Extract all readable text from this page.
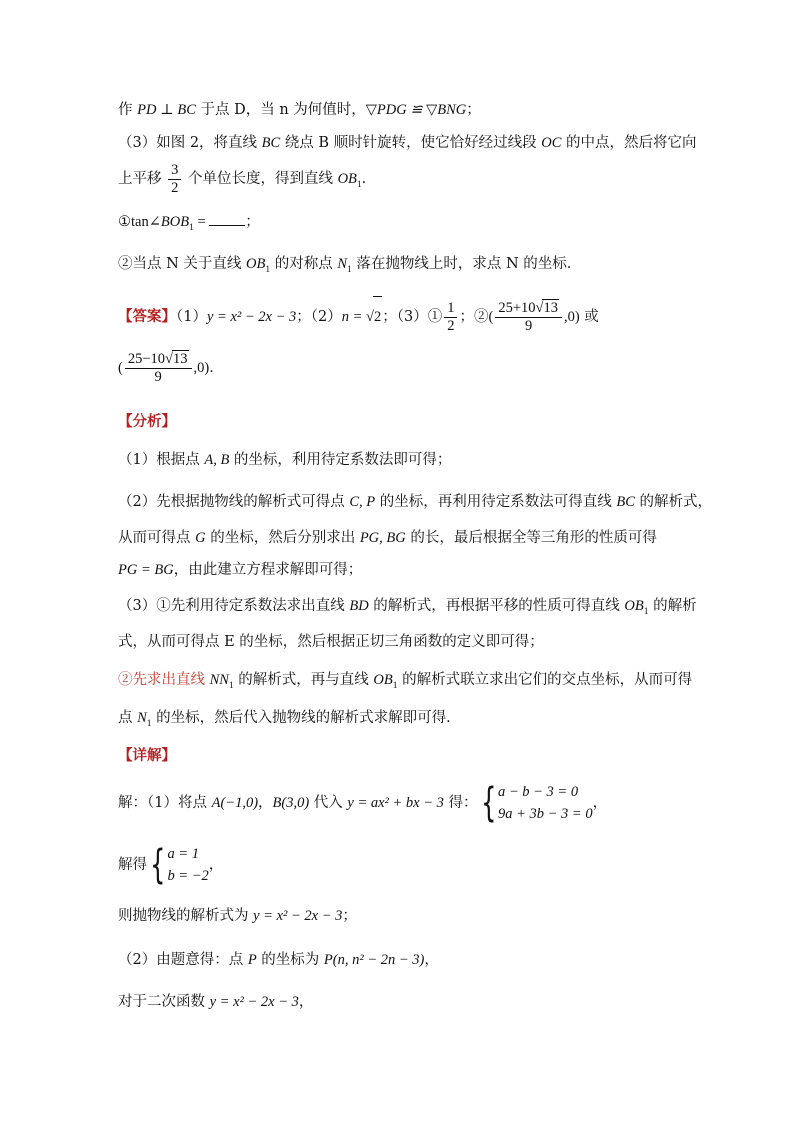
作 PD ⊥ BC 于点 D，当 n 为何值时，▽PDG ≌ ▽BNG；
（3）如图 2，将直线 BC 绕点 B 顺时针旋转，使它恰好经过线段 OC 的中点，然后将它向
上平移 $\frac{3}{2}$ 个单位长度，得到直线 $OB_1$.
$①\tan\angle BOB_1$ = ；
②当点 N 关于直线 $OB_1$ 的对称点 $N_1$ 落在抛物线上时，求点 N 的坐标．
【答案】（1）y = x² − 2x − 3；（2）n = √2；（3）① $\frac{1}{2}$ ；②( $\frac{25+10√13}{9} ,0$) 或
( $\frac{25-10√13}{9} ,0$)．
【分析】
（1）根据点 A, B 的坐标，利用待定系数法即可得；
（2）先根据抛物线的解析式可得点 C, P 的坐标，再利用待定系数法可得直线 BC 的解析式，
从而可得点 G 的坐标，然后分别求出 PG, BG 的长，最后根据全等三角形的性质可得
PG = BG，由此建立方程求解即可得；
（3）①先利用待定系数法求出直线 BD 的解析式，再根据平移的性质可得直线 $OB_1$ 的解析
式，从而可得点 E 的坐标，然后根据正切三角函数的定义即可得；
②先求出直线 $NN_1$ 的解析式，再与直线 $OB_1$ 的解析式联立求出它们的交点坐标，从而可得
点 $N_1$ 的坐标，然后代入抛物线的解析式求解即可得．
【详解】
解：（1）将点 A(−1,0)，B(3,0) 代入 y = ax² + bx − 3 得：{ a − b − 3 = 0
9a + 3b − 3 = 0
，
解得{ a = 1
b = −2
，
则抛物线的解析式为 y = x² − 2x − 3；
（2）由题意得：点 P 的坐标为 P(n, n² − 2n − 3)，
对于二次函数 y = x² − 2x − 3，
